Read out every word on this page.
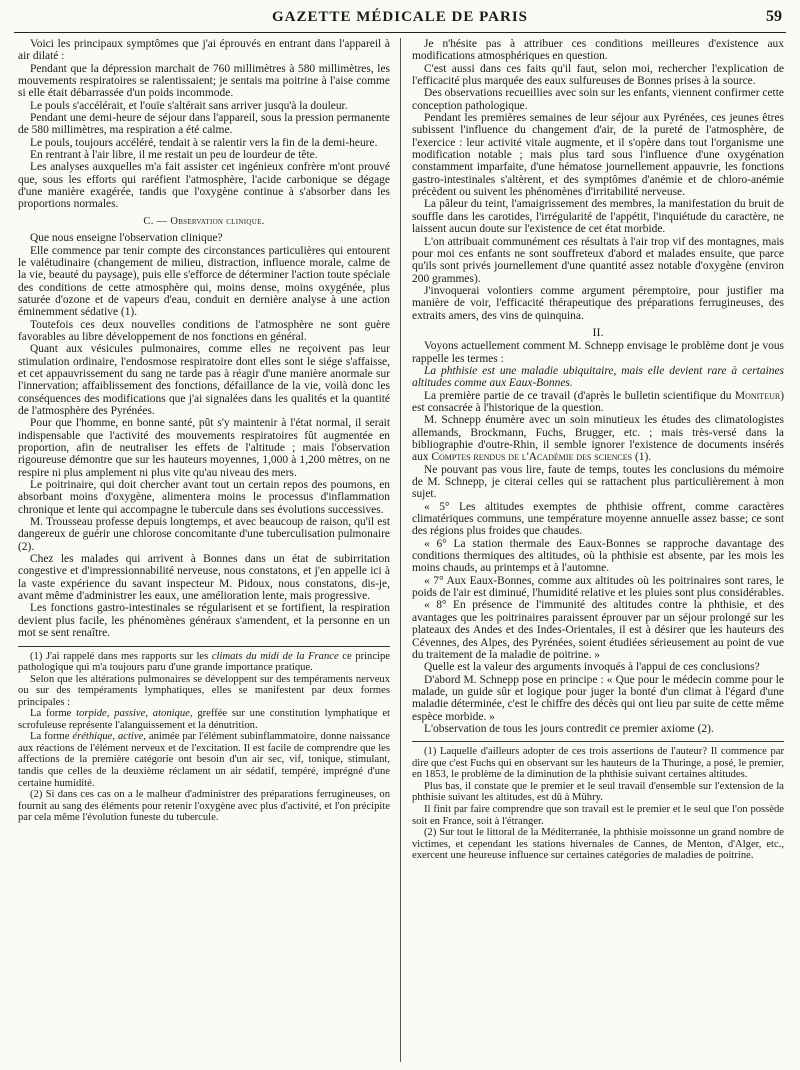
GAZETTE MÉDICALE DE PARIS	59

Voici les principaux symptômes que j'ai éprouvés en entrant dans l'appareil à air dilaté :

Pendant que la dépression marchait de 760 millimètres à 580 millimètres, les mouvements respiratoires se ralentissaient; je sentais ma poitrine à l'aise comme si elle était débarrassée d'un poids incommode.

Le pouls s'accélérait, et l'ouïe s'altérait sans arriver jusqu'à la douleur.

Pendant une demi-heure de séjour dans l'appareil, sous la pression permanente de 580 millimètres, ma respiration a été calme.

Le pouls, toujours accéléré, tendait à se ralentir vers la fin de la demi-heure.

En rentrant à l'air libre, il me restait un peu de lourdeur de tête.

Les analyses auxquelles m'a fait assister cet ingénieux confrère m'ont prouvé que, sous les efforts qui raréfient l'atmosphère, l'acide carbonique se dégage d'une manière exagérée, tandis que l'oxygène continue à s'absorber dans les proportions normales.

C. — Observation clinique.

Que nous enseigne l'observation clinique?

Elle commence par tenir compte des circonstances particulières qui entourent le valétudinaire (changement de milieu, distraction, influence morale, calme de la vie, beauté du paysage), puis elle s'efforce de déterminer l'action toute spéciale des conditions de cette atmosphère qui, moins dense, moins oxygénée, plus saturée d'ozone et de vapeurs d'eau, conduit en dernière analyse à une action éminemment sédative (1).

Toutefois ces deux nouvelles conditions de l'atmosphère ne sont guère favorables au libre développement de nos fonctions en général.

Quant aux vésicules pulmonaires, comme elles ne reçoivent pas leur stimulation ordinaire, l'endosmose respiratoire dont elles sont le siége s'affaisse, et cet appauvrissement du sang ne tarde pas à réagir d'une manière anormale sur l'innervation; affaiblissement des fonctions, défaillance de la vie, voilà donc les conséquences des modifications que j'ai signalées dans les qualités et la quantité de l'atmosphère des Pyrénées.

Pour que l'homme, en bonne santé, pût s'y maintenir à l'état normal, il serait indispensable que l'activité des mouvements respiratoires fût augmentée en proportion, afin de neutraliser les effets de l'altitude ; mais l'observation rigoureuse démontre que sur les hauteurs moyennes, 1,000 à 1,200 mètres, on ne respire ni plus amplement ni plus vite qu'au niveau des mers.

Le poitrinaire, qui doit chercher avant tout un certain repos des poumons, en absorbant moins d'oxygène, alimentera moins le processus d'inflammation chronique et lente qui accompagne le tubercule dans ses évolutions successives.

M. Trousseau professe depuis longtemps, et avec beaucoup de raison, qu'il est dangereux de guérir une chlorose concomitante d'une tuberculisation pulmonaire (2).

Chez les malades qui arrivent à Bonnes dans un état de subirritation congestive et d'impressionnabilité nerveuse, nous constatons, et j'en appelle ici à la vaste expérience du savant inspecteur M. Pidoux, nous constatons, dis-je, avant même d'administrer les eaux, une amélioration lente, mais progressive.

Les fonctions gastro-intestinales se régularisent et se fortifient, la respiration devient plus facile, les phénomènes généraux s'amendent, et la personne en un mot se sent renaître.

(1) J'ai rappelé dans mes rapports sur les climats du midi de la France ce principe pathologique qui m'a toujours paru d'une grande importance pratique.

Selon que les altérations pulmonaires se développent sur des tempéraments nerveux ou sur des tempéraments lymphatiques, elles se manifestent par deux formes principales :

La forme torpide, passive, atonique, greffée sur une constitution lymphatique et scrofuleuse représente l'alanguissement et la dénutrition.

La forme éréthique, active, animée par l'élément subinflammatoire, donne naissance aux réactions de l'élément nerveux et de l'excitation. Il est facile de comprendre que les affections de la première catégorie ont besoin d'un air sec, vif, tonique, stimulant, tandis que celles de la deuxième réclament un air sédatif, tempéré, imprégné d'une certaine humidité.

(2) Si dans ces cas on a le malheur d'administrer des préparations ferrugineuses, on fournit au sang des éléments pour retenir l'oxygène avec plus d'activité, et l'on précipite par cela même l'évolution funeste du tubercule.

Je n'hésite pas à attribuer ces conditions meilleures d'existence aux modifications atmosphériques en question.

C'est aussi dans ces faits qu'il faut, selon moi, rechercher l'explication de l'efficacité plus marquée des eaux sulfureuses de Bonnes prises à la source.

Des observations recueillies avec soin sur les enfants, viennent confirmer cette conception pathologique.

Pendant les premières semaines de leur séjour aux Pyrénées, ces jeunes êtres subissent l'influence du changement d'air, de la pureté de l'atmosphère, de l'exercice : leur activité vitale augmente, et il s'opère dans tout l'organisme une modification notable ; mais plus tard sous l'influence d'une oxygénation constamment imparfaite, d'une hématose journellement appauvrie, les fonctions gastro-intestinales s'altèrent, et des symptômes d'anémie et de chloro-anémie précèdent ou suivent les phénomènes d'irritabilité nerveuse.

La pâleur du teint, l'amaigrissement des membres, la manifestation du bruit de souffle dans les carotides, l'irrégularité de l'appétit, l'inquiétude du caractère, ne laissent aucun doute sur l'existence de cet état morbide.

L'on attribuait communément ces résultats à l'air trop vif des montagnes, mais pour moi ces enfants ne sont souffreteux d'abord et malades ensuite, que parce qu'ils sont privés journellement d'une quantité assez notable d'oxygène (environ 200 grammes).

J'invoquerai volontiers comme argument péremptoire, pour justifier ma manière de voir, l'efficacité thérapeutique des préparations ferrugineuses, des extraits amers, des vins de quinquina.

II.

Voyons actuellement comment M. Schnepp envisage le problème dont je vous rappelle les termes :

La phthisie est une maladie ubiquitaire, mais elle devient rare à certaines altitudes comme aux Eaux-Bonnes.

La première partie de ce travail (d'après le bulletin scientifique du Moniteur) est consacrée à l'historique de la question.

M. Schnepp énumère avec un soin minutieux les études des climatologistes allemands, Brockmann, Fuchs, Brugger, etc. ; mais très-versé dans la bibliographie d'outre-Rhin, il semble ignorer l'existence de documents insérés aux Comptes rendus de l'Académie des sciences (1).

Ne pouvant pas vous lire, faute de temps, toutes les conclusions du mémoire de M. Schnepp, je citerai celles qui se rattachent plus particulièrement à mon sujet.

« 5° Les altitudes exemptes de phthisie offrent, comme caractères climatériques communs, une température moyenne annuelle assez basse; ce sont des régions plus froides que chaudes.

« 6° La station thermale des Eaux-Bonnes se rapproche davantage des conditions thermiques des altitudes, où la phthisie est absente, par les mois les moins chauds, au printemps et à l'automne.

« 7° Aux Eaux-Bonnes, comme aux altitudes où les poitrinaires sont rares, le poids de l'air est diminué, l'humidité relative et les pluies sont plus considérables.

« 8° En présence de l'immunité des altitudes contre la phthisie, et des avantages que les poitrinaires paraissent éprouver par un séjour prolongé sur les plateaux des Andes et des Indes-Orientales, il est à désirer que les hauteurs des Cévennes, des Alpes, des Pyrénées, soient étudiées sérieusement au point de vue du traitement de la maladie de poitrine. »

Quelle est la valeur des arguments invoqués à l'appui de ces conclusions?

D'abord M. Schnepp pose en principe : « Que pour le médecin comme pour le malade, un guide sûr et logique pour juger la bonté d'un climat à l'égard d'une maladie déterminée, c'est le chiffre des décès qui ont lieu par suite de cette même espèce morbide. »

L'observation de tous les jours contredit ce premier axiome (2).

(1) Laquelle d'ailleurs adopter de ces trois assertions de l'auteur? Il commence par dire que c'est Fuchs qui en observant sur les hauteurs de la Thuringe, a posé, le premier, en 1853, le problème de la diminution de la phthisie suivant certaines altitudes.

Plus bas, il constate que le premier et le seul travail d'ensemble sur l'extension de la phthisie suivant les altitudes, est dû à Mühry.

Il finit par faire comprendre que son travail est le premier et le seul que l'on possède soit en France, soit à l'étranger.

(2) Sur tout le littoral de la Méditerranée, la phthisie moissonne un grand nombre de victimes, et cependant les stations hivernales de Cannes, de Menton, d'Alger, etc., exercent une heureuse influence sur certaines catégories de maladies de poitrine.
